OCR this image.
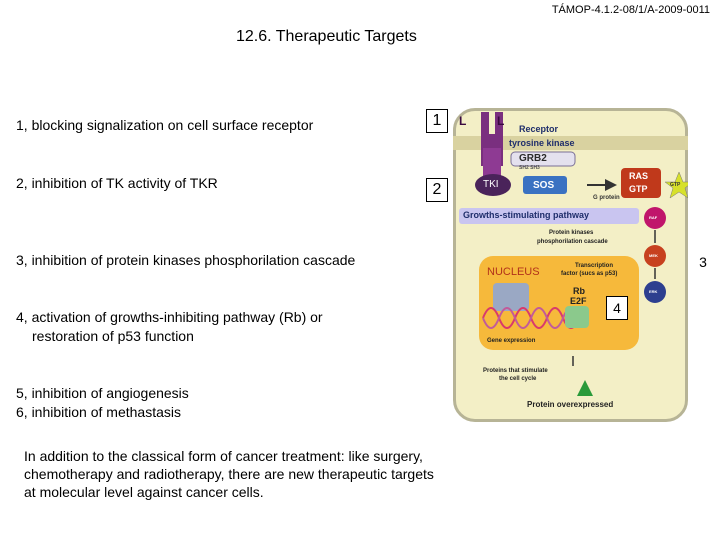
TÁMOP-4.1.2-08/1/A-2009-0011
12.6. Therapeutic Targets
1, blocking signalization on cell surface receptor
2, inhibition of TK activity of TKR
3, inhibition of protein kinases phosphorilation cascade
4, activation of growths-inhibiting pathway (Rb) or
restoration of p53 function
5, inhibition of angiogenesis
6, inhibition of methastasis
1
2
In addition to the classical form of cancer treatment: like surgery,
chemotherapy and radiotherapy, there are new therapeutic targets
at molecular level against cancer cells.
L	L
Receptor
tyrosine kinase
GRB2
SH2 SH3
SOS
TKI
G protein
RAS
GTP	GTP
Growths-stimulating pathway
Protein kinases
phosphorilation cascade
RAF
MEK
ERK
NUCLEUS	Transcription
factor (sucs as p53)
Rb
E2F
Gene expression
Proteins that stimulate
the cell cycle
Protein overexpressed
3
4
